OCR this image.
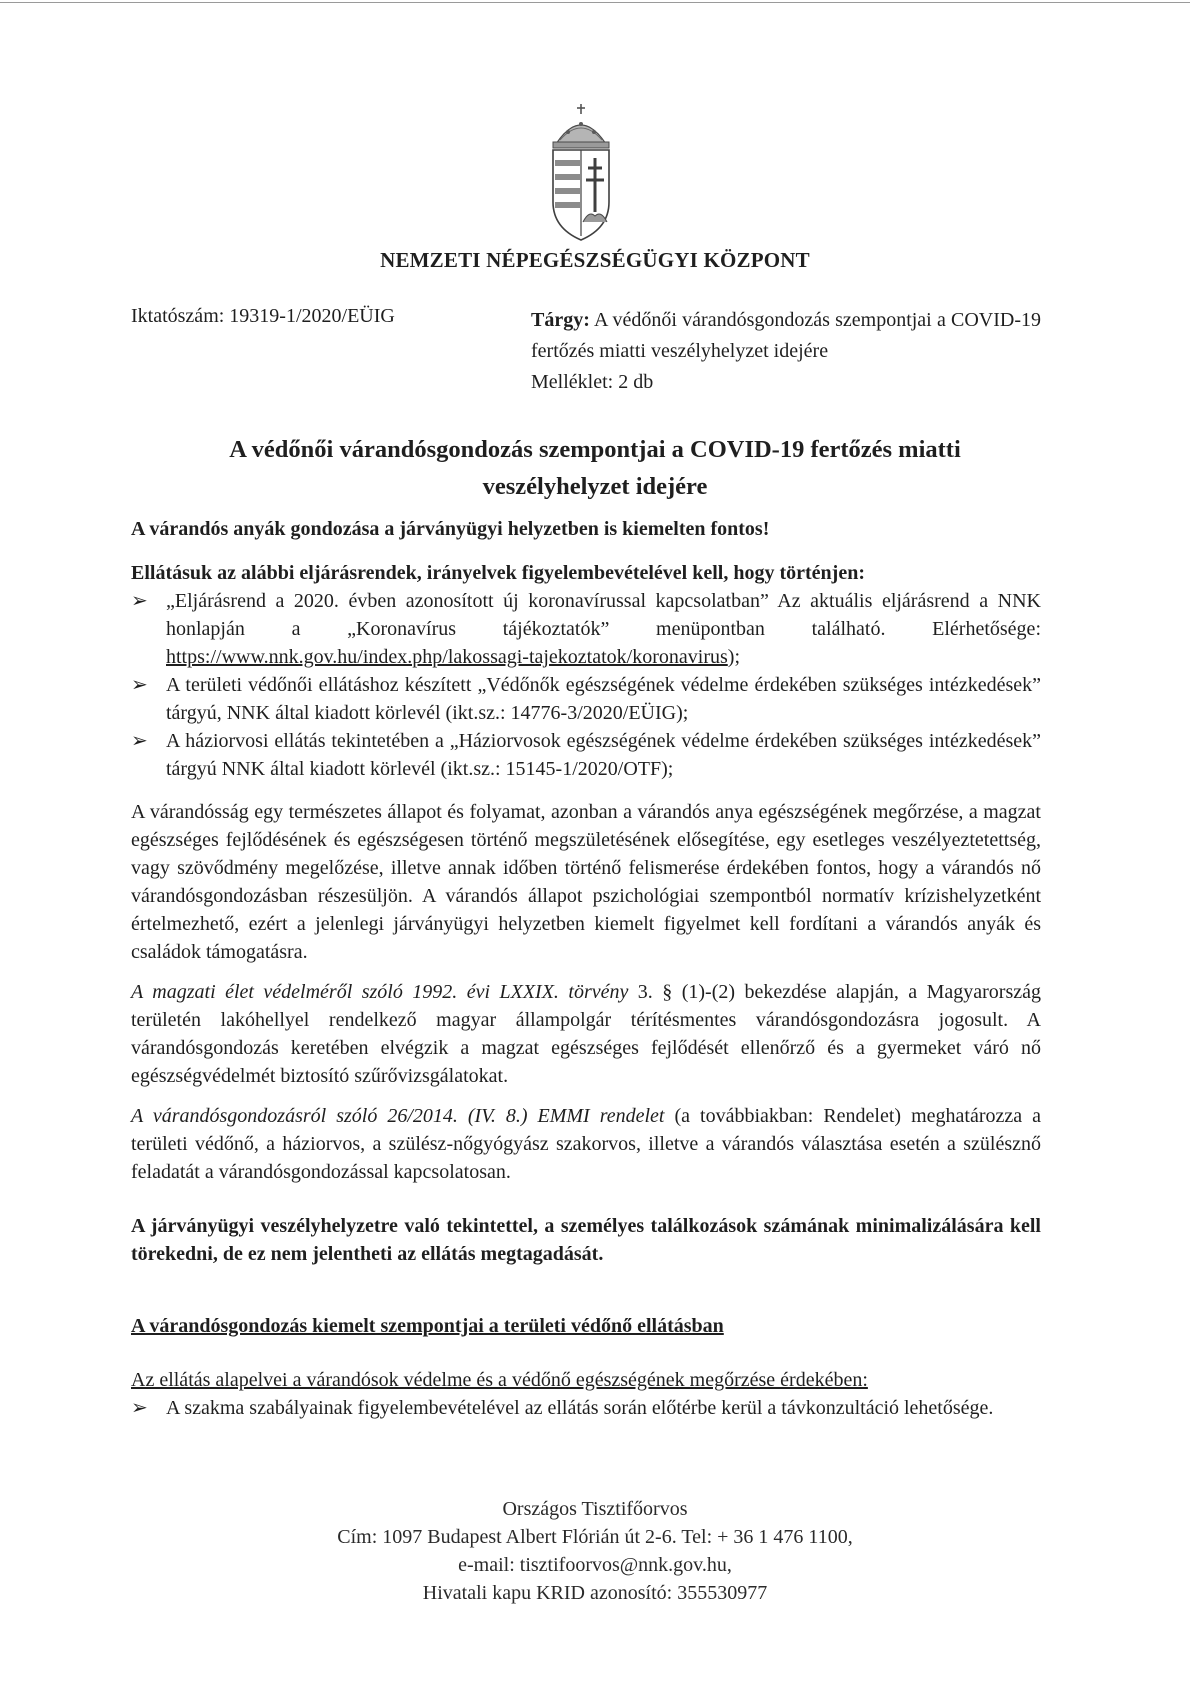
NEMZETI NÉPEGÉSZSÉGÜGYI KÖZPONT
Iktatószám: 19319-1/2020/EÜIG	Tárgy: A védőnői várandósgondozás szempontjai a COVID-19 fertőzés miatti veszélyhelyzet idejére
Melléklet: 2 db
A védőnői várandósgondozás szempontjai a COVID-19 fertőzés miatti
veszélyhelyzet idejére

A várandós anyák gondozása a járványügyi helyzetben is kiemelten fontos!

Ellátásuk az alábbi eljárásrendek, irányelvek figyelembevételével kell, hogy történjen:

➢ „Eljárásrend a 2020. évben azonosított új koronavírussal kapcsolatban” Az aktuális eljárásrend a NNK honlapján a „Koronavírus tájékoztatók” menüpontban található. Elérhetősége: https://www.nnk.gov.hu/index.php/lakossagi-tajekoztatok/koronavirus);
➢ A területi védőnői ellátáshoz készített „Védőnők egészségének védelme érdekében szükséges intézkedések” tárgyú, NNK által kiadott körlevél (ikt.sz.: 14776-3/2020/EÜIG);
➢ A háziorvosi ellátás tekintetében a „Háziorvosok egészségének védelme érdekében szükséges intézkedések” tárgyú NNK által kiadott körlevél (ikt.sz.: 15145-1/2020/OTF);

A várandósság egy természetes állapot és folyamat, azonban a várandós anya egészségének megőrzése, a magzat egészséges fejlődésének és egészségesen történő megszületésének elősegítése, egy esetleges veszélyeztetettség, vagy szövődmény megelőzése, illetve annak időben történő felismerése érdekében fontos, hogy a várandós nő várandósgondozásban részesüljön. A várandós állapot pszichológiai szempontból normatív krízishelyzetként értelmezhető, ezért a jelenlegi járványügyi helyzetben kiemelt figyelmet kell fordítani a várandós anyák és családok támogatásra.

A magzati élet védelméről szóló 1992. évi LXXIX. törvény 3. § (1)-(2) bekezdése alapján, a Magyarország területén lakóhellyel rendelkező magyar állampolgár térítésmentes várandósgondozásra jogosult. A várandósgondozás keretében elvégzik a magzat egészséges fejlődését ellenőrző és a gyermeket váró nő egészségvédelmét biztosító szűrővizsgálatokat.

A várandósgondozásról szóló 26/2014. (IV. 8.) EMMI rendelet (a továbbiakban: Rendelet) meghatározza a területi védőnő, a háziorvos, a szülész-nőgyógyász szakorvos, illetve a várandós választása esetén a szülésznő feladatát a várandósgondozással kapcsolatosan.

A járványügyi veszélyhelyzetre való tekintettel, a személyes találkozások számának minimalizálására kell törekedni, de ez nem jelentheti az ellátás megtagadását.

A várandósgondozás kiemelt szempontjai a területi védőnő ellátásban

Az ellátás alapelvei a várandósok védelme és a védőnő egészségének megőrzése érdekében:

➢ A szakma szabályainak figyelembevételével az ellátás során előtérbe kerül a távkonzultáció lehetősége.
Országos Tisztifőorvos
Cím: 1097 Budapest Albert Flórián út 2-6. Tel: + 36 1 476 1100,
e-mail: tisztifoorvos@nnk.gov.hu,
Hivatali kapu KRID azonosító: 355530977
